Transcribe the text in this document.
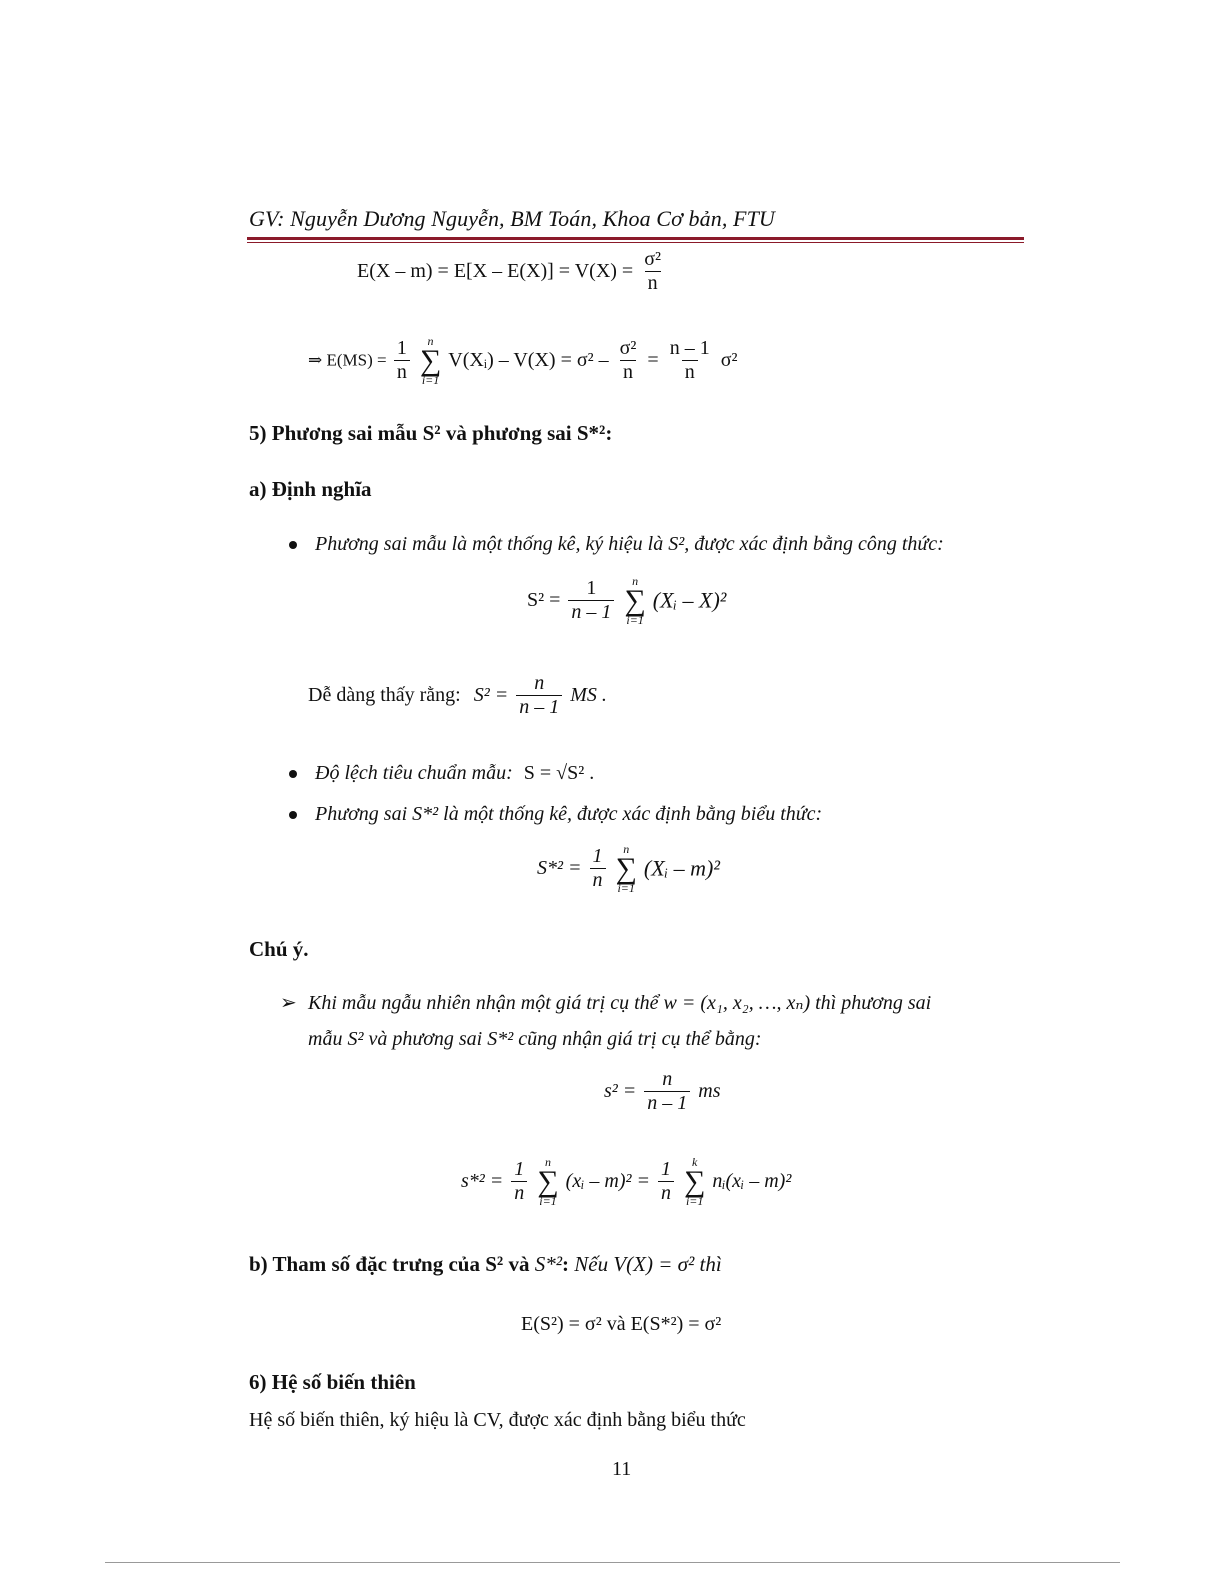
GV: Nguyễn Dương Nguyễn, BM Toán, Khoa Cơ bản, FTU
$E(X - m) = E[X - E(X)] = V(X) = \frac{\text{σ²}}{n}$
⇒ $E(MS) = \frac{1}{n}$
n
∑
i=1
V(Xᵢ) – $V(X) = \sigma^2 - \frac{\text{σ²}}{n} = \frac{n - 1}{n} \sigma^2$
5) Phương sai mẫu S² và phương sai S*²:
a) Định nghĩa
Phương sai mẫu là một thống kê, ký hiệu là S², được xác định bằng công thức:
$S^2 = \frac{1}{n - 1}$
n
∑
i=1
(Xᵢ – X)²
Dễ dàng thấy rằng: $S^2 = \frac{n}{n - 1}$ MS .
Độ lệch tiêu chuẩn mẫu: S = √S² .
Phương sai S*² là một thống kê, được xác định bằng biểu thức:
$S*^2 = \frac{1}{n}$
n
∑
i=1
(Xᵢ – m)²
Chú ý.
➢ Khi mẫu ngẫu nhiên nhận một giá trị cụ thể w = (x₁, x₂, …, xₙ) thì phương sai
mẫu S² và phương sai S*² cũng nhận giá trị cụ thể bằng:
$s^2 = \frac{n}{n - 1}$ ms
$s*^2 = \frac{1}{n}$
n
∑
i=1
(xᵢ – $m)^2 = \frac{1}{n}$
k
∑
i=1
nᵢ(xᵢ – m)²
b) Tham số đặc trưng của S² và S*²: Nếu V(X) = σ² thì
E(S²) = σ² và E(S*²) = σ²
6) Hệ số biến thiên
Hệ số biến thiên, ký hiệu là CV, được xác định bằng biểu thức
11
